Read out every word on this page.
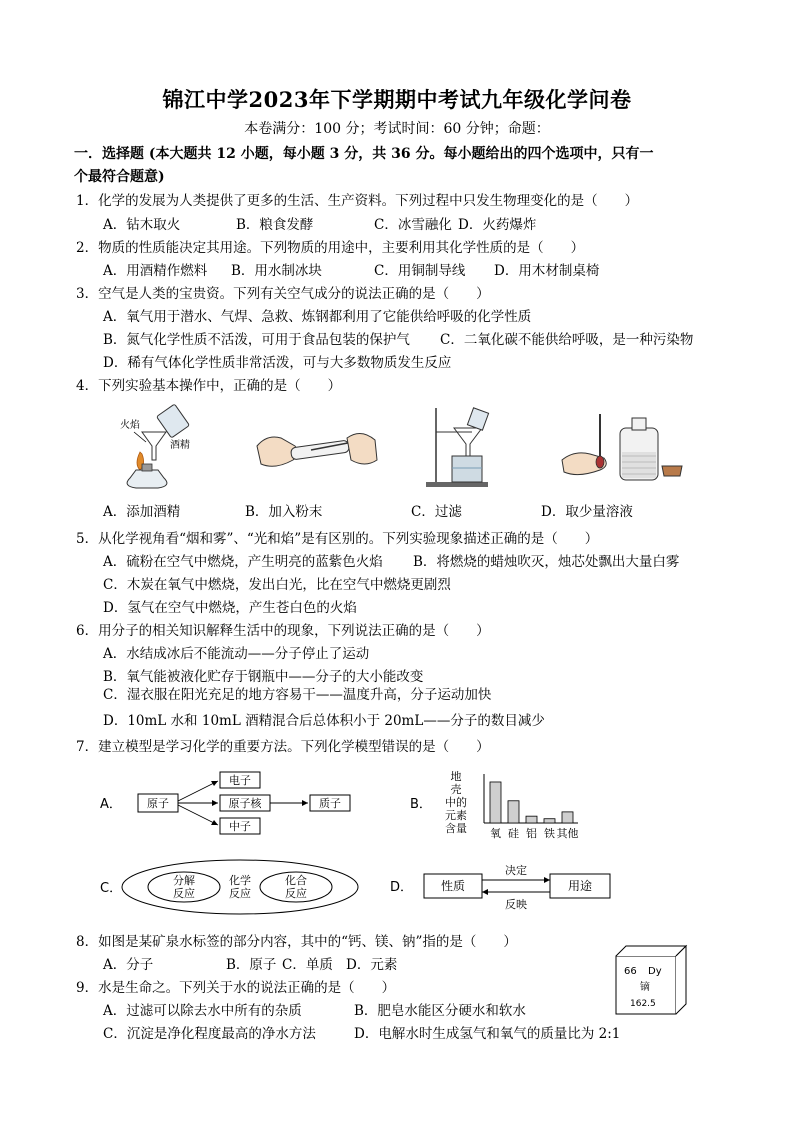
锦江中学2023年下学期期中考试九年级化学问卷
本卷满分：100 分；考试时间：60 分钟；命题：
一．选择题 (本大题共 12 小题，每小题 3 分，共 36 分。每小题给出的四个选项中，只有一
个最符合题意)
1．化学的发展为人类提供了更多的生活、生产资料。下列过程中只发生物理变化的是（　　）
A．钻木取火	B．粮食发酵	C．冰雪融化 D．火药爆炸
2．物质的性质能决定其用途。下列物质的用途中，主要利用其化学性质的是（　　）
A．用酒精作燃料 B．用水制冰块	C．用铜制导线 D．用木材制桌椅
3．空气是人类的宝贵资。下列有关空气成分的说法正确的是（　　）
A．氧气用于潜水、气焊、急救、炼钢都利用了它能供给呼吸的化学性质
B．氮气化学性质不活泼，可用于食品包装的保护气 C．二氧化碳不能供给呼吸，是一种污染物
D．稀有气体化学性质非常活泼，可与大多数物质发生反应
4．下列实验基本操作中，正确的是（　　）
火焰
酒精
A．添加酒精	B．加入粉末	C．过滤	D．取少量溶液
5．从化学视角看“烟和雾”、“光和焰”是有区别的。下列实验现象描述正确的是（　　）
A．硫粉在空气中燃烧，产生明亮的蓝紫色火焰 B．将燃烧的蜡烛吹灭，烛芯处飘出大量白雾
C．木炭在氧气中燃烧，发出白光，比在空气中燃烧更剧烈
D．氢气在空气中燃烧，产生苍白色的火焰
6．用分子的相关知识解释生活中的现象，下列说法正确的是（　　）
A．水结成冰后不能流动——分子停止了运动
B．氧气能被液化贮存于钢瓶中——分子的大小能改变
C．湿衣服在阳光充足的地方容易干——温度升高，分子运动加快
D．10mL 水和 10mL 酒精混合后总体积小于 20mL——分子的数目减少
7．建立模型是学习化学的重要方法。下列化学模型错误的是（　　）
A． 原子
电子
原子核
中子
质子	B．
地
壳
中的
元素
含量 氧 硅 铝 铁 其他
C．
分解
反应
化学
反应
化合
反应	D． 性质	用途
决定
反映
8．如图是某矿泉水标签的部分内容，其中的“钙、镁、钠”指的是（　　）
A．分子	B．原子 C．单质 D．元素	66 Dy
镝
162.5
9．水是生命之。下列关于水的说法正确的是（　　）
A．过滤可以除去水中所有的杂质	B．肥皂水能区分硬水和软水
C．沉淀是净化程度最高的净水方法	D．电解水时生成氢气和氧气的质量比为 2:1
